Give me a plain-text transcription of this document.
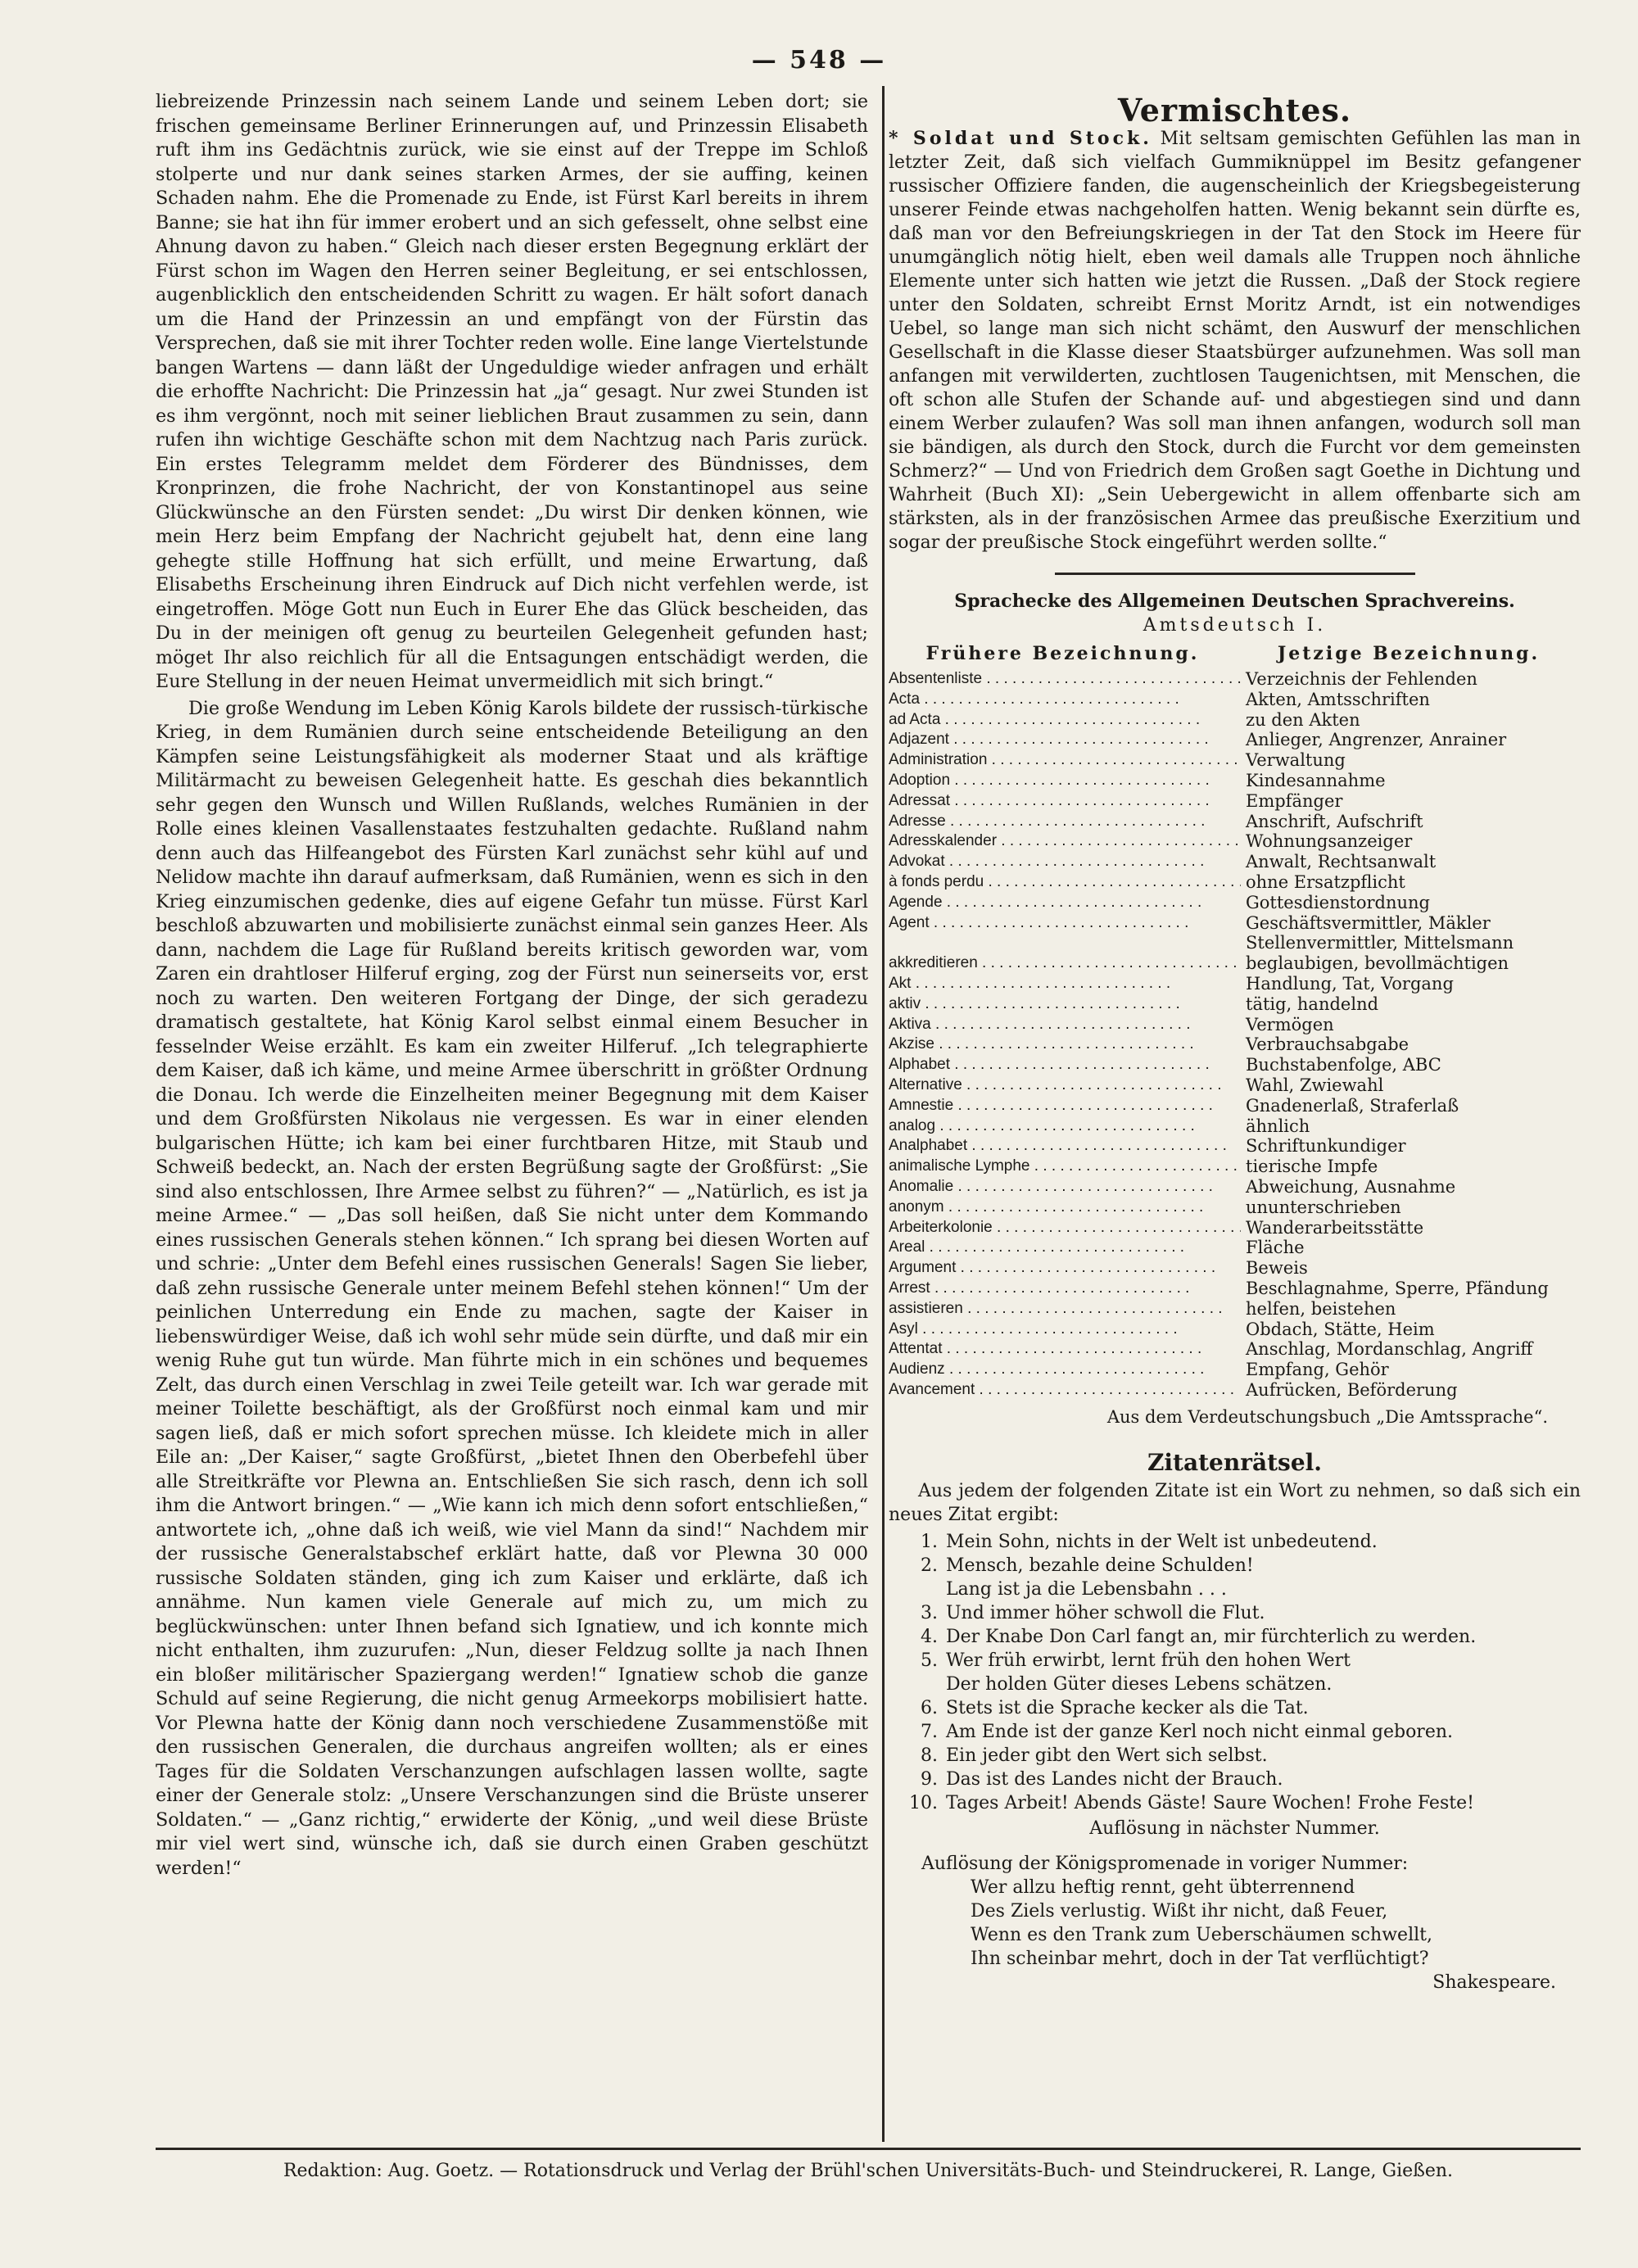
— 548 —

liebreizende Prinzessin nach seinem Lande und seinem Leben dort; sie frischen gemeinsame Berliner Erinnerungen auf, und Prinzessin Elisabeth ruft ihm ins Gedächtnis zurück, wie sie einst auf der Treppe im Schloß stolperte und nur dank seines starken Armes, der sie auffing, keinen Schaden nahm. Ehe die Promenade zu Ende, ist Fürst Karl bereits in ihrem Banne; sie hat ihn für immer erobert und an sich gefesselt, ohne selbst eine Ahnung davon zu haben.“ Gleich nach dieser ersten Begegnung erklärt der Fürst schon im Wagen den Herren seiner Begleitung, er sei entschlossen, augenblicklich den entscheidenden Schritt zu wagen. Er hält sofort danach um die Hand der Prinzessin an und empfängt von der Fürstin das Versprechen, daß sie mit ihrer Tochter reden wolle. Eine lange Viertelstunde bangen Wartens — dann läßt der Ungeduldige wieder anfragen und erhält die erhoffte Nachricht: Die Prinzessin hat „ja“ gesagt. Nur zwei Stunden ist es ihm vergönnt, noch mit seiner lieblichen Braut zusammen zu sein, dann rufen ihn wichtige Geschäfte schon mit dem Nachtzug nach Paris zurück. Ein erstes Telegramm meldet dem Förderer des Bündnisses, dem Kronprinzen, die frohe Nachricht, der von Konstantinopel aus seine Glückwünsche an den Fürsten sendet: „Du wirst Dir denken können, wie mein Herz beim Empfang der Nachricht gejubelt hat, denn eine lang gehegte stille Hoffnung hat sich erfüllt, und meine Erwartung, daß Elisabeths Erscheinung ihren Eindruck auf Dich nicht verfehlen werde, ist eingetroffen. Möge Gott nun Euch in Eurer Ehe das Glück bescheiden, das Du in der meinigen oft genug zu beurteilen Gelegenheit gefunden hast; möget Ihr also reichlich für all die Entsagungen entschädigt werden, die Eure Stellung in der neuen Heimat unvermeidlich mit sich bringt.“

Die große Wendung im Leben König Karols bildete der russisch-türkische Krieg, in dem Rumänien durch seine entscheidende Beteiligung an den Kämpfen seine Leistungsfähigkeit als moderner Staat und als kräftige Militärmacht zu beweisen Gelegenheit hatte. Es geschah dies bekanntlich sehr gegen den Wunsch und Willen Rußlands, welches Rumänien in der Rolle eines kleinen Vasallenstaates festzuhalten gedachte. Rußland nahm denn auch das Hilfeangebot des Fürsten Karl zunächst sehr kühl auf und Nelidow machte ihn darauf aufmerksam, daß Rumänien, wenn es sich in den Krieg einzumischen gedenke, dies auf eigene Gefahr tun müsse. Fürst Karl beschloß abzuwarten und mobilisierte zunächst einmal sein ganzes Heer. Als dann, nachdem die Lage für Rußland bereits kritisch geworden war, vom Zaren ein drahtloser Hilferuf erging, zog der Fürst nun seinerseits vor, erst noch zu warten. Den weiteren Fortgang der Dinge, der sich geradezu dramatisch gestaltete, hat König Karol selbst einmal einem Besucher in fesselnder Weise erzählt. Es kam ein zweiter Hilferuf. „Ich telegraphierte dem Kaiser, daß ich käme, und meine Armee überschritt in größter Ordnung die Donau. Ich werde die Einzelheiten meiner Begegnung mit dem Kaiser und dem Großfürsten Nikolaus nie vergessen. Es war in einer elenden bulgarischen Hütte; ich kam bei einer furchtbaren Hitze, mit Staub und Schweiß bedeckt, an. Nach der ersten Begrüßung sagte der Großfürst: „Sie sind also entschlossen, Ihre Armee selbst zu führen?“ — „Natürlich, es ist ja meine Armee.“ — „Das soll heißen, daß Sie nicht unter dem Kommando eines russischen Generals stehen können.“ Ich sprang bei diesen Worten auf und schrie: „Unter dem Befehl eines russischen Generals! Sagen Sie lieber, daß zehn russische Generale unter meinem Befehl stehen können!“ Um der peinlichen Unterredung ein Ende zu machen, sagte der Kaiser in liebenswürdiger Weise, daß ich wohl sehr müde sein dürfte, und daß mir ein wenig Ruhe gut tun würde. Man führte mich in ein schönes und bequemes Zelt, das durch einen Verschlag in zwei Teile geteilt war. Ich war gerade mit meiner Toilette beschäftigt, als der Großfürst noch einmal kam und mir sagen ließ, daß er mich sofort sprechen müsse. Ich kleidete mich in aller Eile an: „Der Kaiser,“ sagte Großfürst, „bietet Ihnen den Oberbefehl über alle Streitkräfte vor Plewna an. Entschließen Sie sich rasch, denn ich soll ihm die Antwort bringen.“ — „Wie kann ich mich denn sofort entschließen,“ antwortete ich, „ohne daß ich weiß, wie viel Mann da sind!“ Nachdem mir der russische Generalstabschef erklärt hatte, daß vor Plewna 30 000 russische Soldaten ständen, ging ich zum Kaiser und erklärte, daß ich annähme. Nun kamen viele Generale auf mich zu, um mich zu beglückwünschen: unter Ihnen befand sich Ignatiew, und ich konnte mich nicht enthalten, ihm zuzurufen: „Nun, dieser Feldzug sollte ja nach Ihnen ein bloßer militärischer Spaziergang werden!“ Ignatiew schob die ganze Schuld auf seine Regierung, die nicht genug Armeekorps mobilisiert hatte. Vor Plewna hatte der König dann noch verschiedene Zusammenstöße mit den russischen Generalen, die durchaus angreifen wollten; als er eines Tages für die Soldaten Verschanzungen aufschlagen lassen wollte, sagte einer der Generale stolz: „Unsere Verschanzungen sind die Brüste unserer Soldaten.“ — „Ganz richtig,“ erwiderte der König, „und weil diese Brüste mir viel wert sind, wünsche ich, daß sie durch einen Graben geschützt werden!“

Vermischtes.

* Soldat und Stock. Mit seltsam gemischten Gefühlen las man in letzter Zeit, daß sich vielfach Gummiknüppel im Besitz gefangener russischer Offiziere fanden, die augenscheinlich der Kriegsbegeisterung unserer Feinde etwas nachgeholfen hatten. Wenig bekannt sein dürfte es, daß man vor den Befreiungskriegen in der Tat den Stock im Heere für unumgänglich nötig hielt, eben weil damals alle Truppen noch ähnliche Elemente unter sich hatten wie jetzt die Russen. „Daß der Stock regiere unter den Soldaten, schreibt Ernst Moritz Arndt, ist ein notwendiges Uebel, so lange man sich nicht schämt, den Auswurf der menschlichen Gesellschaft in die Klasse dieser Staatsbürger aufzunehmen. Was soll man anfangen mit verwilderten, zuchtlosen Taugenichtsen, mit Menschen, die oft schon alle Stufen der Schande auf- und abgestiegen sind und dann einem Werber zulaufen? Was soll man ihnen anfangen, wodurch soll man sie bändigen, als durch den Stock, durch die Furcht vor dem gemeinsten Schmerz?“ — Und von Friedrich dem Großen sagt Goethe in Dichtung und Wahrheit (Buch XI): „Sein Uebergewicht in allem offenbarte sich am stärksten, als in der französischen Armee das preußische Exerzitium und sogar der preußische Stock eingeführt werden sollte.“

Sprachecke des Allgemeinen Deutschen Sprachvereins.
Amtsdeutsch I.
Frühere Bezeichnung.	Jetzige Bezeichnung.
Absentenliste . . .	Verzeichnis der Fehlenden
Acta . . .	Akten, Amtsschriften
ad Acta . . .	zu den Akten
Adjazent . . .	Anlieger, Angrenzer, Anrainer
Administration . . .	Verwaltung
Adoption . . .	Kindesannahme
Adressat . . .	Empfänger
Adresse . . .	Anschrift, Aufschrift
Adresskalender . . .	Wohnungsanzeiger
Advokat . . .	Anwalt, Rechtsanwalt
à fonds perdu . . .	ohne Ersatzpflicht
Agende . . .	Gottesdienstordnung
Agent . . .	Geschäftsvermittler, Mäkler
Stellenvermittler, Mittelsmann
akkreditieren . . .	beglaubigen, bevollmächtigen
Akt . . .	Handlung, Tat, Vorgang
aktiv . . .	tätig, handelnd
Aktiva . . .	Vermögen
Akzise . . .	Verbrauchsabgabe
Alphabet . . .	Buchstabenfolge, ABC
Alternative . . .	Wahl, Zwiewahl
Amnestie . . .	Gnadenerlaß, Straferlaß
analog . . .	ähnlich
Analphabet . . .	Schriftunkundiger
animalische Lymphe . . .	tierische Impfe
Anomalie . . .	Abweichung, Ausnahme
anonym . . .	ununterschrieben
Arbeiterkolonie . . .	Wanderarbeitsstätte
Areal . . .	Fläche
Argument . . .	Beweis
Arrest . . .	Beschlagnahme, Sperre, Pfändung
assistieren . . .	helfen, beistehen
Asyl . . .	Obdach, Stätte, Heim
Attentat . . .	Anschlag, Mordanschlag, Angriff
Audienz . . .	Empfang, Gehör
Avancement . . .	Aufrücken, Beförderung
Aus dem Verdeutschungsbuch „Die Amtssprache“.
Zitatenrätsel.

Aus jedem der folgenden Zitate ist ein Wort zu nehmen, so daß sich ein neues Zitat ergibt:

1. Mein Sohn, nichts in der Welt ist unbedeutend.
2. Mensch, bezahle deine Schulden!
Lang ist ja die Lebensbahn . . .
3. Und immer höher schwoll die Flut.
4. Der Knabe Don Carl fangt an, mir fürchterlich zu werden.
5. Wer früh erwirbt, lernt früh den hohen Wert
Der holden Güter dieses Lebens schätzen.
6. Stets ist die Sprache kecker als die Tat.
7. Am Ende ist der ganze Kerl noch nicht einmal geboren.
8. Ein jeder gibt den Wert sich selbst.
9. Das ist des Landes nicht der Brauch.
10. Tages Arbeit! Abends Gäste! Saure Wochen! Frohe Feste!
Auflösung in nächster Nummer.

Auflösung der Königspromenade in voriger Nummer:

Wer allzu heftig rennt, geht übterrennend

Des Ziels verlustig. Wißt ihr nicht, daß Feuer,

Wenn es den Trank zum Ueberschäumen schwellt,

Ihn scheinbar mehrt, doch in der Tat verflüchtigt?

Shakespeare.

Redaktion: Aug. Goetz. — Rotationsdruck und Verlag der Brühl'schen Universitäts-Buch- und Steindruckerei, R. Lange, Gießen.
